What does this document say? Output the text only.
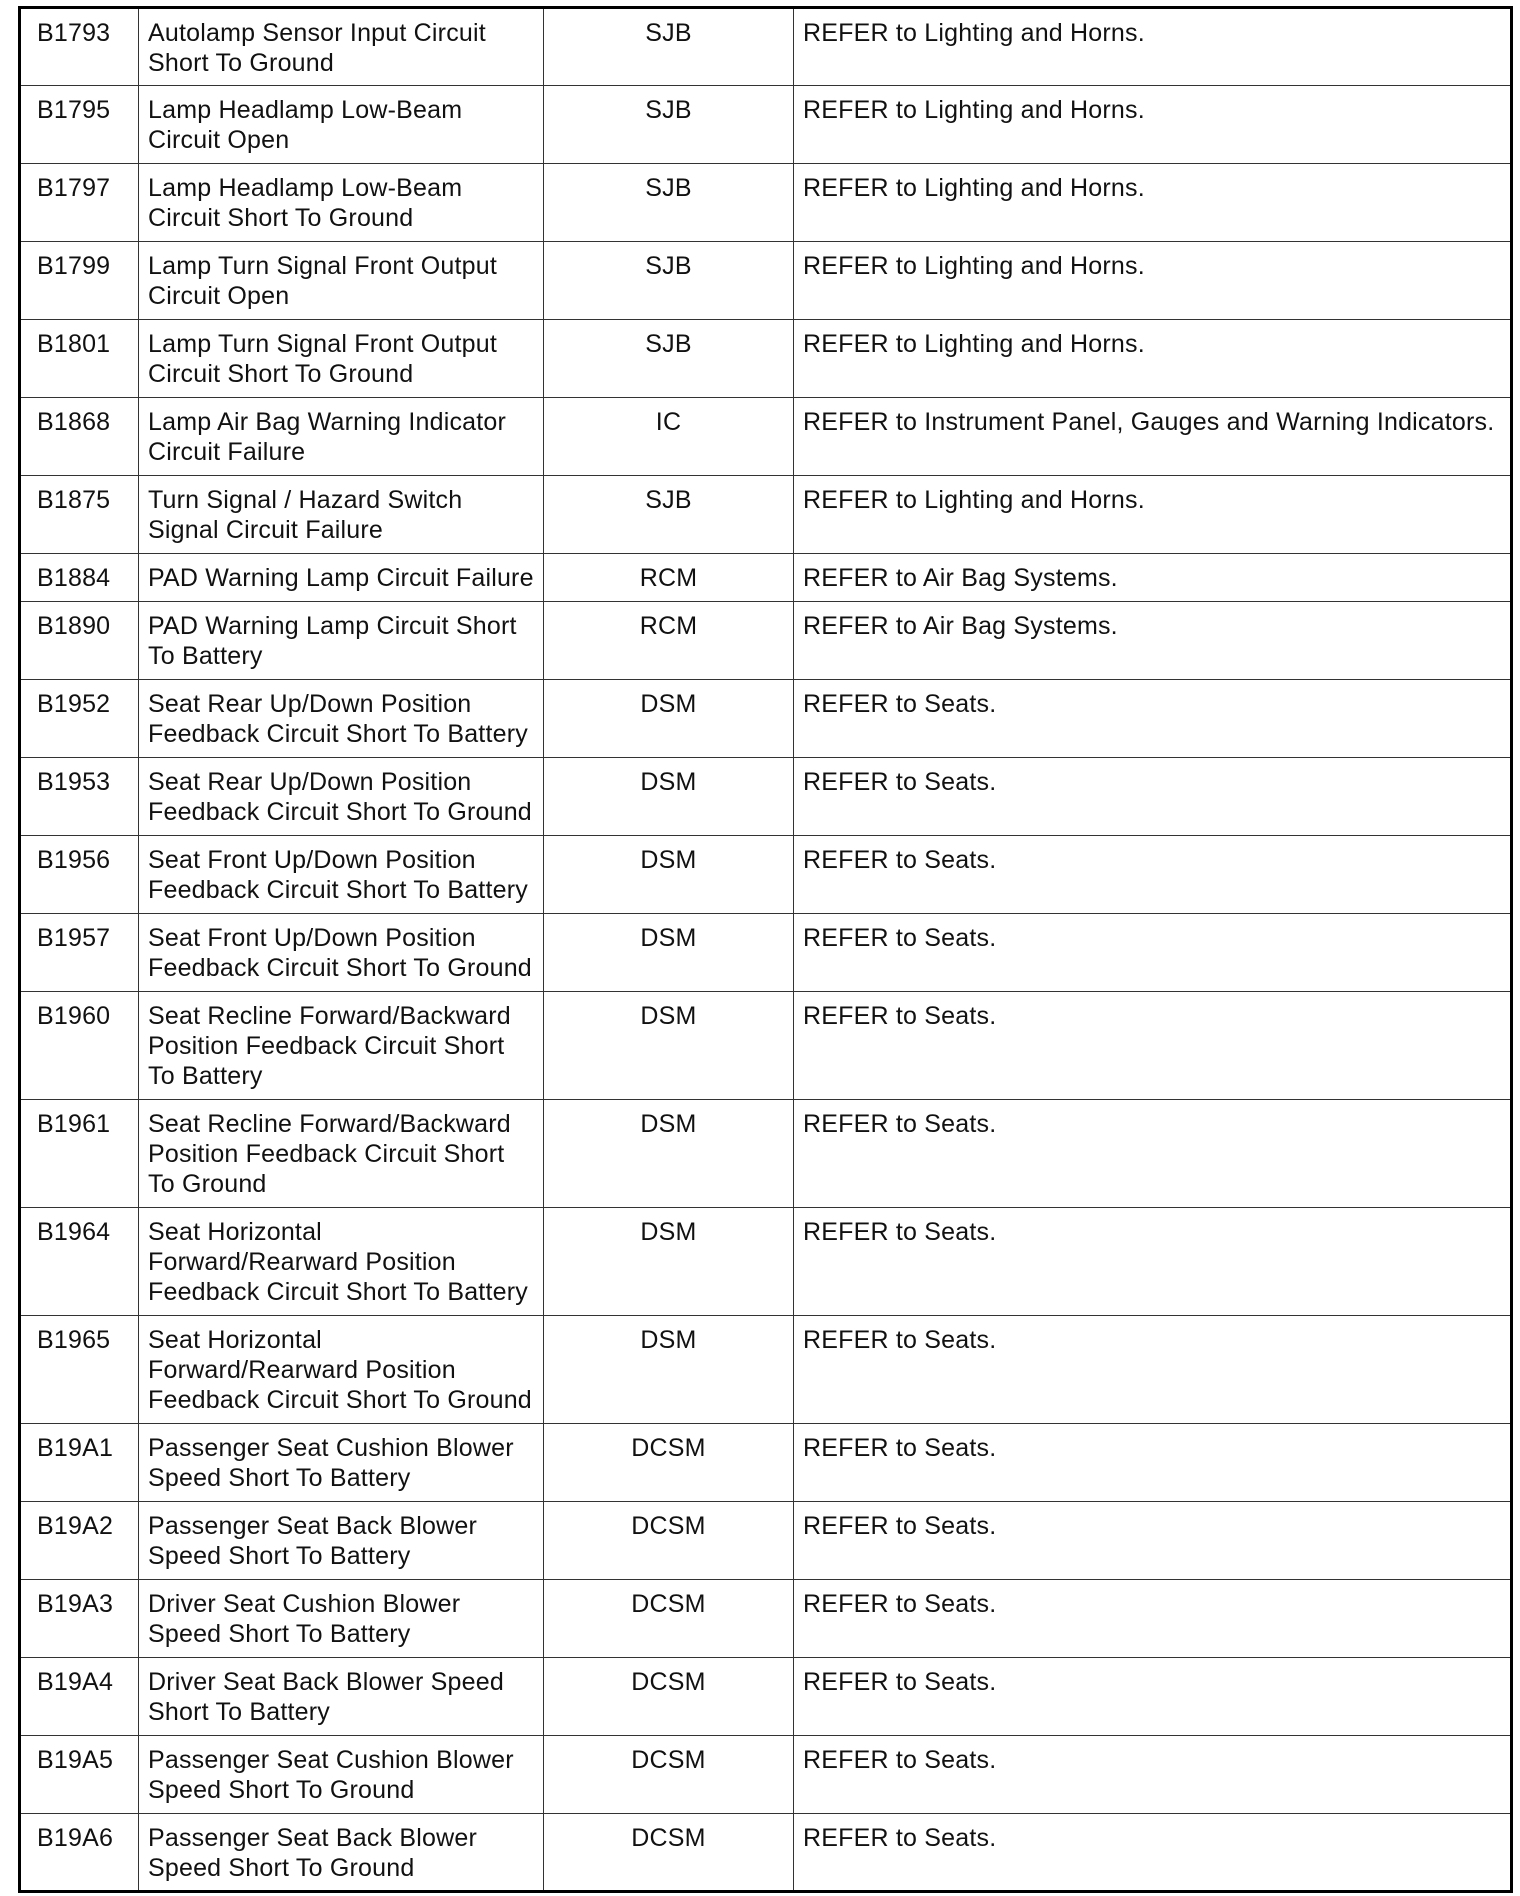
B1793	Autolamp Sensor Input Circuit Short To Ground	SJB	REFER to Lighting and Horns.
B1795	Lamp Headlamp Low-Beam Circuit Open	SJB	REFER to Lighting and Horns.
B1797	Lamp Headlamp Low-Beam Circuit Short To Ground	SJB	REFER to Lighting and Horns.
B1799	Lamp Turn Signal Front Output Circuit Open	SJB	REFER to Lighting and Horns.
B1801	Lamp Turn Signal Front Output Circuit Short To Ground	SJB	REFER to Lighting and Horns.
B1868	Lamp Air Bag Warning Indicator Circuit Failure	IC	REFER to Instrument Panel, Gauges and Warning Indicators.
B1875	Turn Signal / Hazard Switch Signal Circuit Failure	SJB	REFER to Lighting and Horns.
B1884	PAD Warning Lamp Circuit Failure	RCM	REFER to Air Bag Systems.
B1890	PAD Warning Lamp Circuit Short To Battery	RCM	REFER to Air Bag Systems.
B1952	Seat Rear Up/Down Position Feedback Circuit Short To Battery	DSM	REFER to Seats.
B1953	Seat Rear Up/Down Position Feedback Circuit Short To Ground	DSM	REFER to Seats.
B1956	Seat Front Up/Down Position Feedback Circuit Short To Battery	DSM	REFER to Seats.
B1957	Seat Front Up/Down Position Feedback Circuit Short To Ground	DSM	REFER to Seats.
B1960	Seat Recline Forward/Backward Position Feedback Circuit Short To Battery	DSM	REFER to Seats.
B1961	Seat Recline Forward/Backward Position Feedback Circuit Short To Ground	DSM	REFER to Seats.
B1964	Seat Horizontal Forward/Rearward Position Feedback Circuit Short To Battery	DSM	REFER to Seats.
B1965	Seat Horizontal Forward/Rearward Position Feedback Circuit Short To Ground	DSM	REFER to Seats.
B19A1	Passenger Seat Cushion Blower Speed Short To Battery	DCSM	REFER to Seats.
B19A2	Passenger Seat Back Blower Speed Short To Battery	DCSM	REFER to Seats.
B19A3	Driver Seat Cushion Blower Speed Short To Battery	DCSM	REFER to Seats.
B19A4	Driver Seat Back Blower Speed Short To Battery	DCSM	REFER to Seats.
B19A5	Passenger Seat Cushion Blower Speed Short To Ground	DCSM	REFER to Seats.
B19A6	Passenger Seat Back Blower Speed Short To Ground	DCSM	REFER to Seats.
